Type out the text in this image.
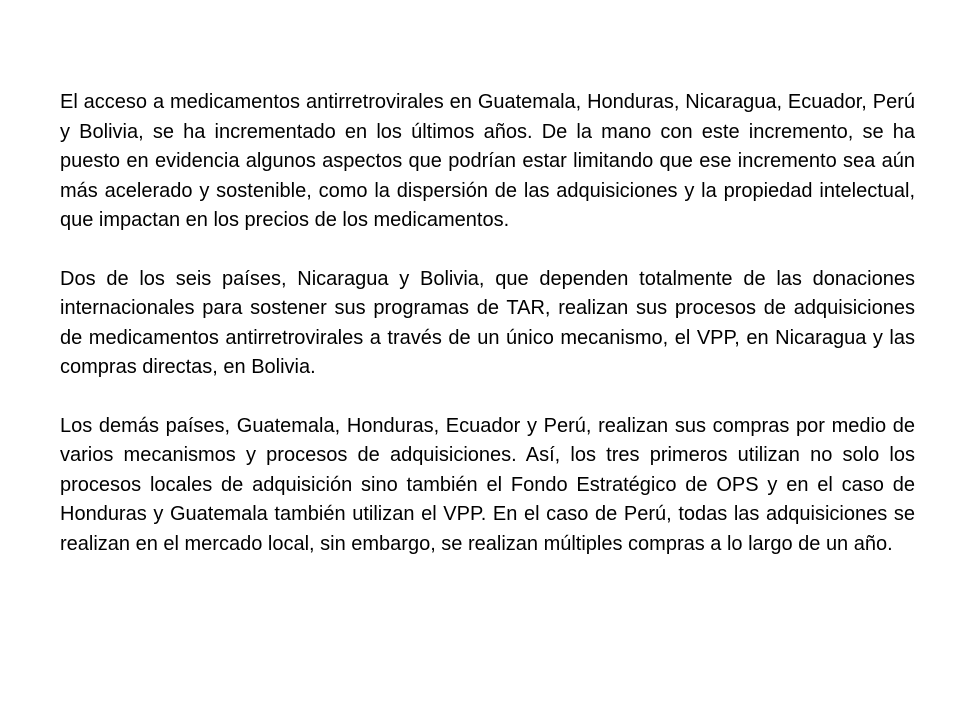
El acceso a medicamentos antirretrovirales en Guatemala, Honduras, Nicaragua, Ecuador, Perú y Bolivia, se ha incrementado en los últimos años. De la mano con este incremento, se ha puesto en evidencia algunos aspectos que podrían estar limitando que ese incremento sea aún más acelerado y sostenible, como la dispersión de las adquisiciones y la propiedad intelectual, que impactan en los precios de los medicamentos.

Dos de los seis países, Nicaragua y Bolivia, que dependen totalmente de las donaciones internacionales para sostener sus programas de TAR, realizan sus procesos de adquisiciones de medicamentos antirretrovirales a través de un único mecanismo, el VPP, en Nicaragua y las compras directas, en Bolivia.

Los demás países, Guatemala, Honduras, Ecuador y Perú, realizan sus compras por medio de varios mecanismos y procesos de adquisiciones. Así, los tres primeros utilizan no solo los procesos locales de adquisición sino también el Fondo Estratégico de OPS y en el caso de Honduras y Guatemala también utilizan el VPP. En el caso de Perú, todas las adquisiciones se realizan en el mercado local, sin embargo, se realizan múltiples compras a lo largo de un año.
